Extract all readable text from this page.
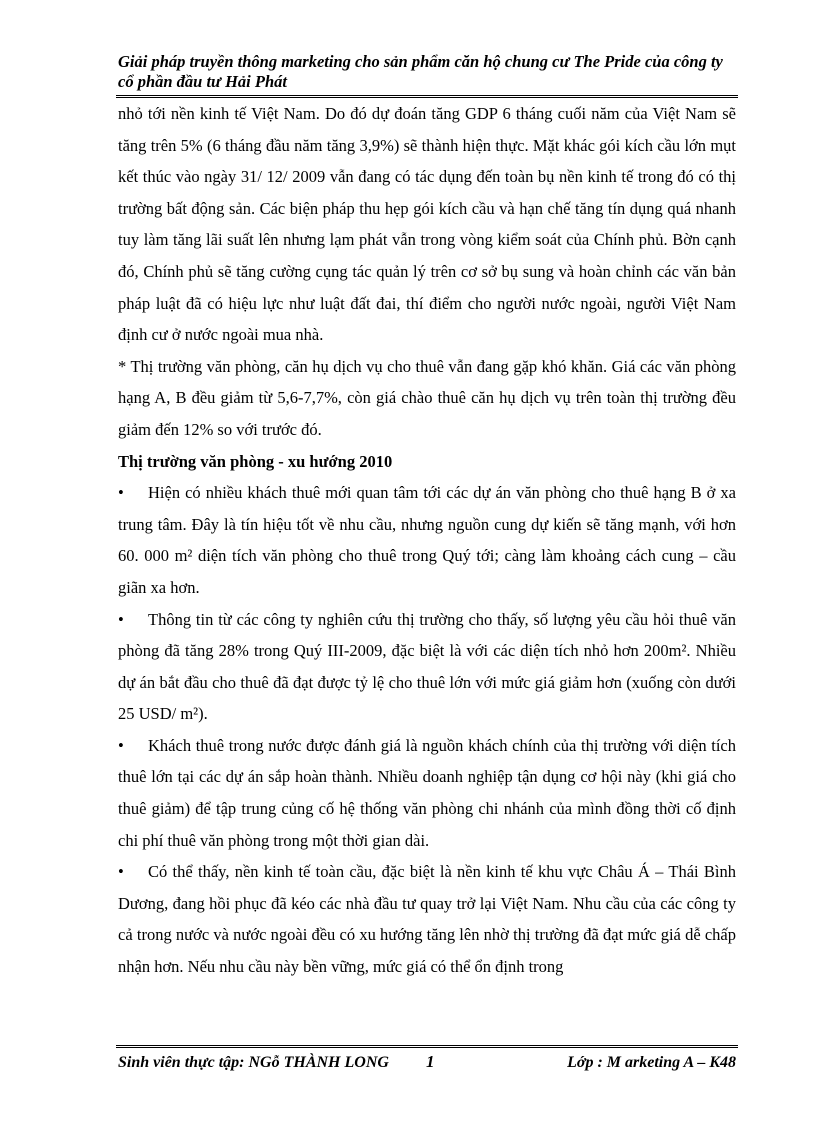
Giải pháp truyền thông marketing cho sản phẩm căn hộ chung cư The Pride của công ty cổ phần đầu tư Hải Phát

nhỏ tới nền kinh tế Việt Nam. Do đó dự đoán tăng GDP 6 tháng cuối năm của Việt Nam sẽ tăng trên 5% (6 tháng đầu năm tăng 3,9%) sẽ thành hiện thực. Mặt khác gói kích cầu lớn mụt kết thúc vào ngày 31/ 12/ 2009 vẫn đang có tác dụng đến toàn bụ nền kinh tế trong đó có thị trường bất động sản. Các biện pháp thu hẹp gói kích cầu và hạn chế tăng tín dụng quá nhanh tuy làm tăng lãi suất lên nhưng lạm phát vẫn trong vòng kiểm soát của Chính phủ. Bờn cạnh đó, Chính phủ sẽ tăng cường cụng tác quản lý trên cơ sở bụ sung và hoàn chỉnh các văn bản pháp luật đã có hiệu lực như luật đất đai, thí điểm cho người nước ngoài, người Việt Nam định cư ở nước ngoài mua nhà.

* Thị trường văn phòng, căn hụ dịch vụ cho thuê vẫn đang gặp khó khăn. Giá các văn phòng hạng A, B đều giảm từ 5,6-7,7%, còn giá chào thuê căn hụ dịch vụ trên toàn thị trường đều giảm đến 12% so với trước đó.

Thị trường văn phòng - xu hướng 2010

• Hiện có nhiều khách thuê mới quan tâm tới các dự án văn phòng cho thuê hạng B ở xa trung tâm. Đây là tín hiệu tốt về nhu cầu, nhưng nguồn cung dự kiến sẽ tăng mạnh, với hơn 60. 000 m² diện tích văn phòng cho thuê trong Quý tới; càng làm khoảng cách cung – cầu giãn xa hơn.

• Thông tin từ các công ty nghiên cứu thị trường cho thấy, số lượng yêu cầu hỏi thuê văn phòng đã tăng 28% trong Quý III-2009, đặc biệt là với các diện tích nhỏ hơn 200m². Nhiều dự án bắt đầu cho thuê đã đạt được tỷ lệ cho thuê lớn với mức giá giảm hơn (xuống còn dưới 25 USD/ m²).

• Khách thuê trong nước được đánh giá là nguồn khách chính của thị trường với diện tích thuê lớn tại các dự án sắp hoàn thành. Nhiều doanh nghiệp tận dụng cơ hội này (khi giá cho thuê giảm) để tập trung củng cố hệ thống văn phòng chi nhánh của mình đồng thời cố định chi phí thuê văn phòng trong một thời gian dài.

• Có thể thấy, nền kinh tế toàn cầu, đặc biệt là nền kinh tế khu vực Châu Á – Thái Bình Dương, đang hồi phục đã kéo các nhà đầu tư quay trở lại Việt Nam. Nhu cầu của các công ty cả trong nước và nước ngoài đều có xu hướng tăng lên nhờ thị trường đã đạt mức giá dễ chấp nhận hơn. Nếu nhu cầu này bền vững, mức giá có thể ổn định trong

Sinh viên thực tập: NGỗ THÀNH LONG 1	Lớp : M arketing A – K48
